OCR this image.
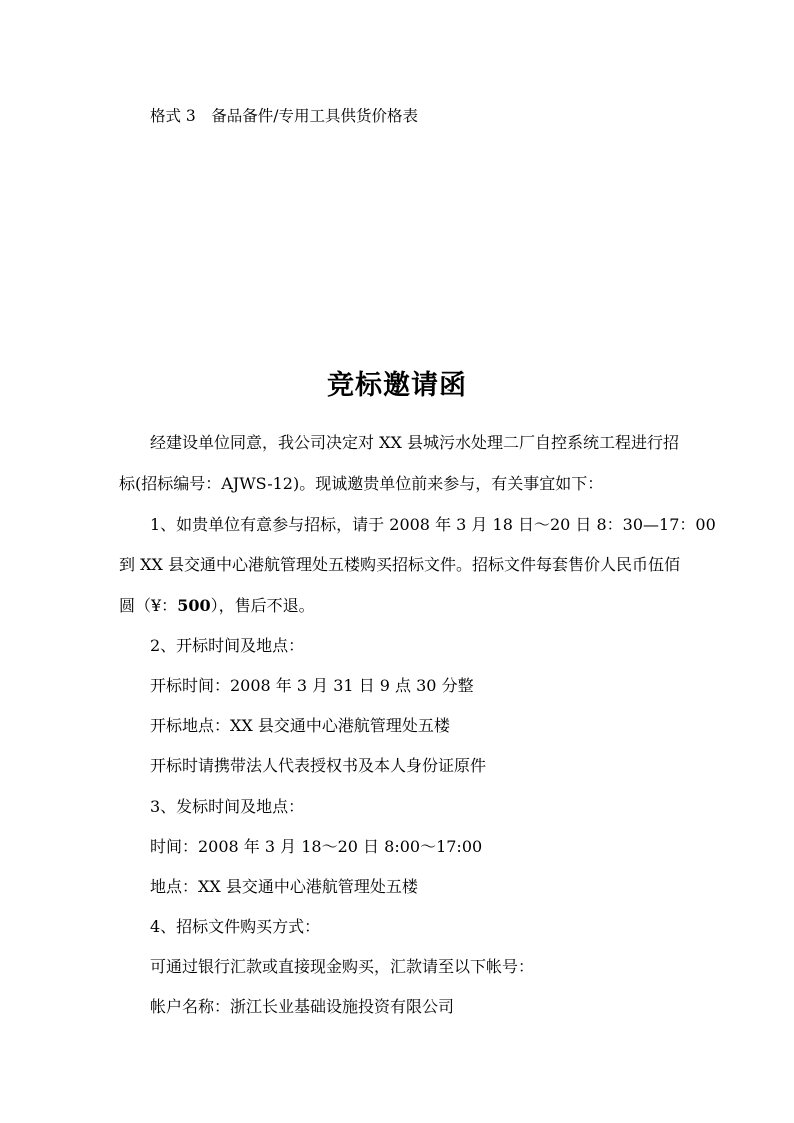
格式 3　备品备件/专用工具供货价格表
竞标邀请函
经建设单位同意，我公司决定对 XX 县城污水处理二厂自控系统工程进行招
标(招标编号：AJWS-12)。现诚邀贵单位前来参与，有关事宜如下：
1、如贵单位有意参与招标，请于 2008 年 3 月 18 日～20 日 8：30—17：00
到 XX 县交通中心港航管理处五楼购买招标文件。招标文件每套售价人民币伍佰
圆（¥：500），售后不退。
2、开标时间及地点：
开标时间：2008 年 3 月 31 日 9 点 30 分整
开标地点：XX 县交通中心港航管理处五楼
开标时请携带法人代表授权书及本人身份证原件
3、发标时间及地点：
时间：2008 年 3 月 18～20 日 8:00～17:00
地点：XX 县交通中心港航管理处五楼
4、招标文件购买方式：
可通过银行汇款或直接现金购买，汇款请至以下帐号：
帐户名称：浙江长业基础设施投资有限公司
